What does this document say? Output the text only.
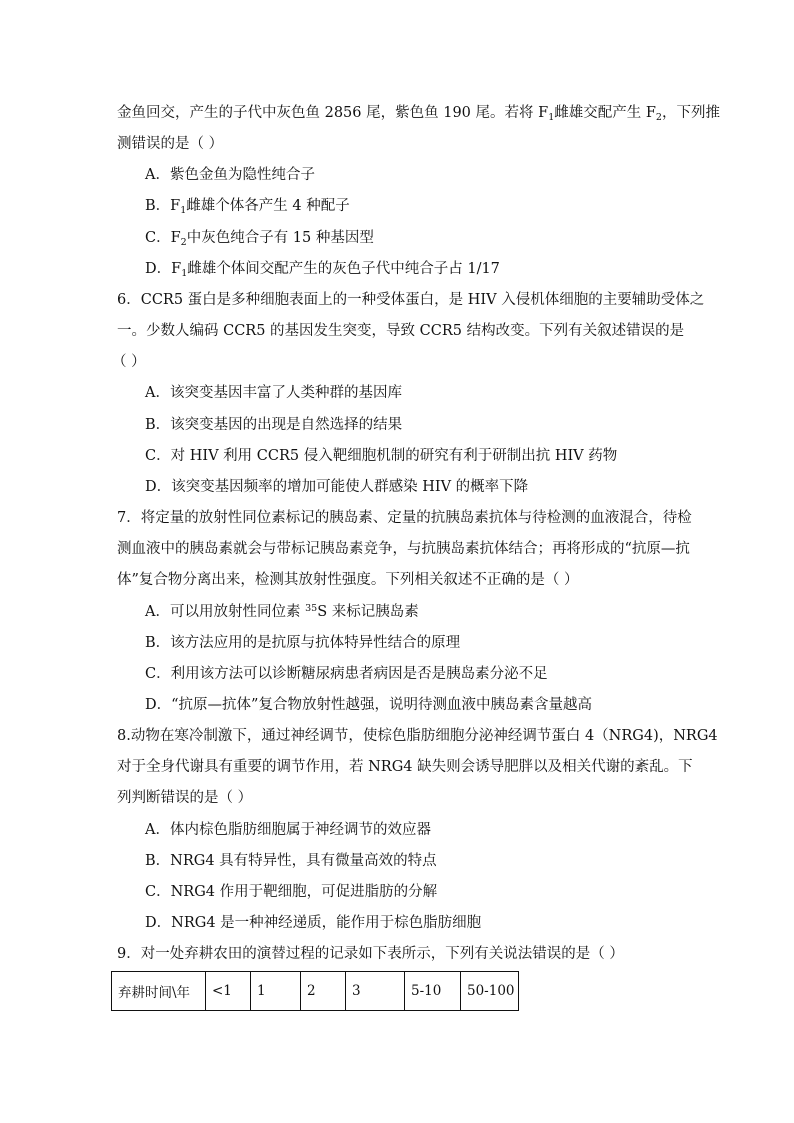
金鱼回交，产生的子代中灰色鱼 2856 尾，紫色鱼 190 尾。若将 $F_1$雌雄交配产生 $F_2$，下列推
测错误的是（ ）
A．紫色金鱼为隐性纯合子
B．$F_1$雌雄个体各产生 4 种配子
C．$F_2$中灰色纯合子有 15 种基因型
D．$F_1$雌雄个体间交配产生的灰色子代中纯合子占 1/17
6．CCR5 蛋白是多种细胞表面上的一种受体蛋白，是 HIV 入侵机体细胞的主要辅助受体之
一。少数人编码 CCR5 的基因发生突变，导致 CCR5 结构改变。下列有关叙述错误的是
（ ）
A．该突变基因丰富了人类种群的基因库
B．该突变基因的出现是自然选择的结果
C．对 HIV 利用 CCR5 侵入靶细胞机制的研究有利于研制出抗 HIV 药物
D．该突变基因频率的增加可能使人群感染 HIV 的概率下降
7．将定量的放射性同位素标记的胰岛素、定量的抗胰岛素抗体与待检测的血液混合，待检
测血液中的胰岛素就会与带标记胰岛素竞争，与抗胰岛素抗体结合；再将形成的“抗原—抗
体”复合物分离出来，检测其放射性强度。下列相关叙述不正确的是（ ）
A．可以用放射性同位素 $^{35}$S 来标记胰岛素
B．该方法应用的是抗原与抗体特异性结合的原理
C．利用该方法可以诊断糖尿病患者病因是否是胰岛素分泌不足
D．“抗原—抗体”复合物放射性越强，说明待测血液中胰岛素含量越高
8.动物在寒冷制激下，通过神经调节，使棕色脂肪细胞分泌神经调节蛋白 4（NRG4)，NRG4
对于全身代谢具有重要的调节作用，若 NRG4 缺失则会诱导肥胖以及相关代谢的紊乱。下
列判断错误的是（ ）
A．体内棕色脂肪细胞属于神经调节的效应器
B．NRG4 具有特异性，具有微量高效的特点
C．NRG4 作用于靶细胞，可促进脂肪的分解
D．NRG4 是一种神经递质，能作用于棕色脂肪细胞
9．对一处弃耕农田的演替过程的记录如下表所示，下列有关说法错误的是（ ）
弃耕时间\年	<1	1	2	3	5-10	50-100
